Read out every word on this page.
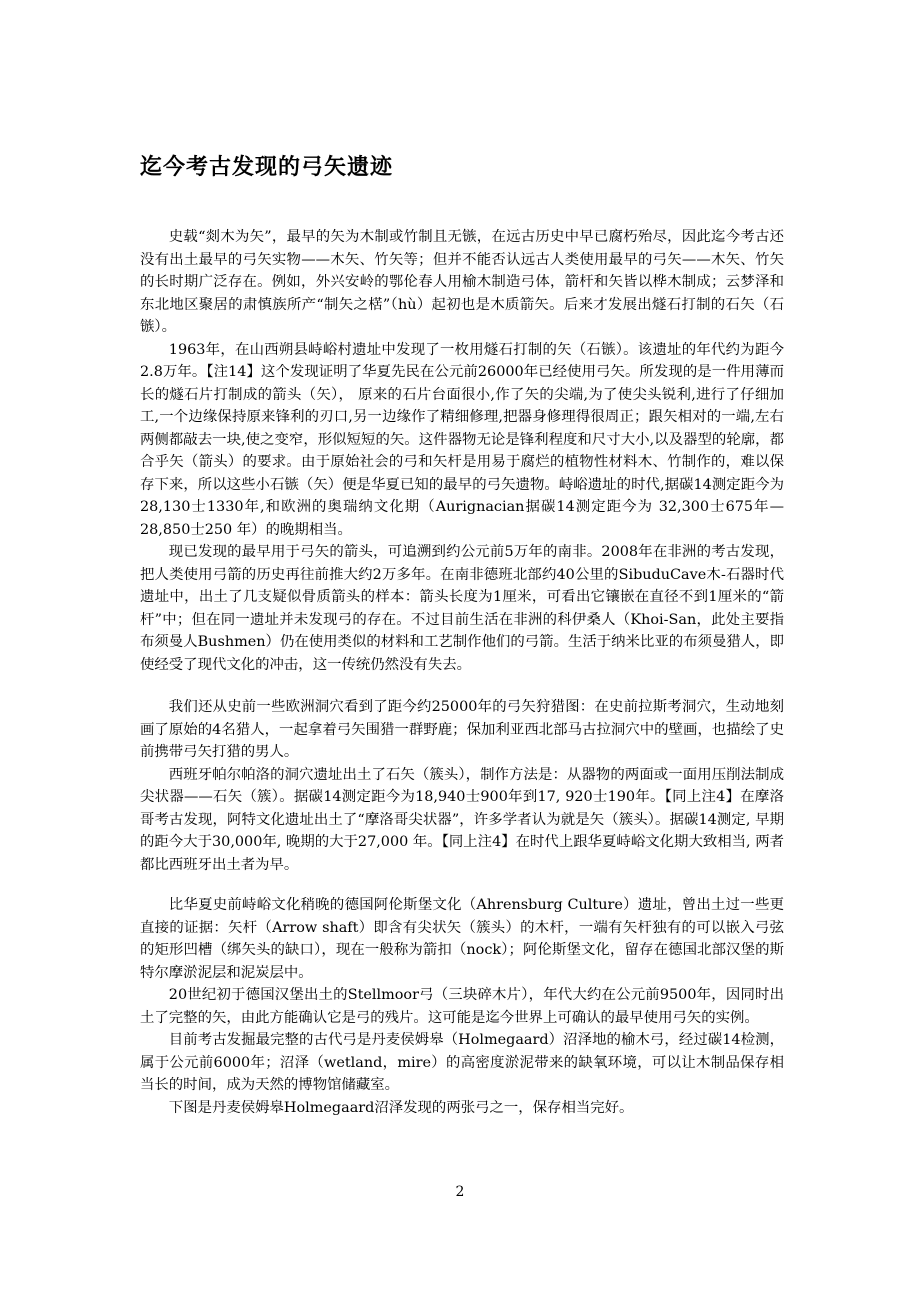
迄今考古发现的弓矢遗迹

史载“剡木为矢”，最早的矢为木制或竹制且无镞，在远古历史中早已腐朽殆尽，因此迄今考古还没有出土最早的弓矢实物——木矢、竹矢等；但并不能否认远古人类使用最早的弓矢——木矢、竹矢的长时期广泛存在。例如，外兴安岭的鄂伦春人用榆木制造弓体，箭杆和矢皆以桦木制成；云梦泽和东北地区聚居的肃慎族所产“制矢之楛”（hù）起初也是木质箭矢。后来才发展出燧石打制的石矢（石镞）。

1963年，在山西朔县峙峪村遗址中发现了一枚用燧石打制的矢（石镞）。该遗址的年代约为距今2.8万年。【注14】这个发现证明了华夏先民在公元前26000年已经使用弓矢。所发现的是一件用薄而长的燧石片打制成的箭头（矢）， 原来的石片台面很小,作了矢的尖端,为了使尖头锐利,进行了仔细加工,一个边缘保持原来锋利的刃口,另一边缘作了精细修理,把器身修理得很周正；跟矢相对的一端,左右两侧都敲去一块,使之变窄，形似短短的矢。这件器物无论是锋利程度和尺寸大小,以及器型的轮廓，都合乎矢（箭头）的要求。由于原始社会的弓和矢杆是用易于腐烂的植物性材料木、竹制作的，难以保存下来，所以这些小石镞（矢）便是华夏已知的最早的弓矢遗物。峙峪遗址的时代,据碳14测定距今为28,130士1330年,和欧洲的奥瑞纳文化期（Aurignacian据碳14测定距今为 32,300士675年—28,850士250 年）的晚期相当。

现已发现的最早用于弓矢的箭头，可追溯到约公元前5万年的南非。2008年在非洲的考古发现，把人类使用弓箭的历史再往前推大约2万多年。在南非德班北部约40公里的SibuduCave木-石器时代遗址中，出土了几支疑似骨质箭头的样本：箭头长度为1厘米，可看出它镶嵌在直径不到1厘米的“箭杆”中；但在同一遗址并未发现弓的存在。不过目前生活在非洲的科伊桑人（Khoi-San，此处主要指布须曼人Bushmen）仍在使用类似的材料和工艺制作他们的弓箭。生活于纳米比亚的布须曼猎人，即使经受了现代文化的冲击，这一传统仍然没有失去。

我们还从史前一些欧洲洞穴看到了距今约25000年的弓矢狩猎图：在史前拉斯考洞穴，生动地刻画了原始的4名猎人，一起拿着弓矢围猎一群野鹿；保加利亚西北部马古拉洞穴中的壁画，也描绘了史前携带弓矢打猎的男人。

西班牙帕尔帕洛的洞穴遗址出土了石矢（簇头），制作方法是：从器物的两面或一面用压削法制成尖状器——石矢（簇）。据碳14测定距今为18,940士900年到17, 920士190年。【同上注4】在摩洛哥考古发现，阿特文化遗址出土了“摩洛哥尖状器”，许多学者认为就是矢（簇头）。据碳14测定, 早期的距今大于30,000年, 晚期的大于27,000 年。【同上注4】在时代上跟华夏峙峪文化期大致相当, 两者都比西班牙出土者为早。

比华夏史前峙峪文化稍晚的德国阿伦斯堡文化（Ahrensburg Culture）遗址，曾出土过一些更直接的证据：矢杆（Arrow shaft）即含有尖状矢（簇头）的木杆，一端有矢杆独有的可以嵌入弓弦的矩形凹槽（绑矢头的缺口），现在一般称为箭扣（nock）；阿伦斯堡文化，留存在德国北部汉堡的斯特尔摩淤泥层和泥炭层中。

20世纪初于德国汉堡出土的Stellmoor弓（三块碎木片），年代大约在公元前9500年，因同时出土了完整的矢，由此方能确认它是弓的残片。这可能是迄今世界上可确认的最早使用弓矢的实例。

目前考古发掘最完整的古代弓是丹麦侯姆皋（Holmegaard）沼泽地的榆木弓，经过碳14检测，属于公元前6000年；沼泽（wetland，mire）的高密度淤泥带来的缺氧环境，可以让木制品保存相当长的时间，成为天然的博物馆储藏室。

下图是丹麦侯姆皋Holmegaard沼泽发现的两张弓之一，保存相当完好。

2
